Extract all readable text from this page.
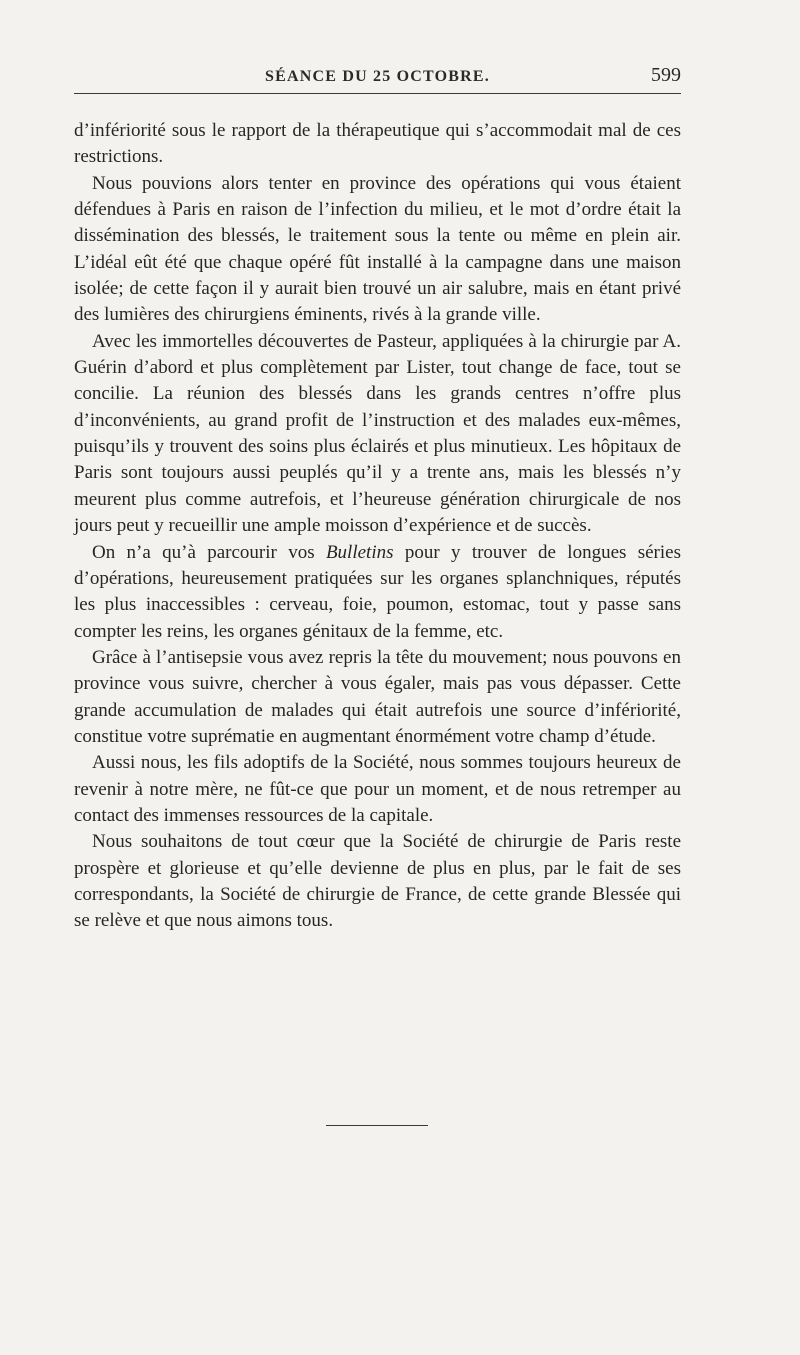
SÉANCE DU 25 OCTOBRE.	599

d’infériorité sous le rapport de la thérapeutique qui s’accommodait mal de ces restrictions.

Nous pouvions alors tenter en province des opérations qui vous étaient défendues à Paris en raison de l’infection du milieu, et le mot d’ordre était la dissémination des blessés, le traitement sous la tente ou même en plein air. L’idéal eût été que chaque opéré fût installé à la campagne dans une maison isolée; de cette façon il y aurait bien trouvé un air salubre, mais en étant privé des lumières des chirurgiens éminents, rivés à la grande ville.

Avec les immortelles découvertes de Pasteur, appliquées à la chirurgie par A. Guérin d’abord et plus complètement par Lister, tout change de face, tout se concilie. La réunion des blessés dans les grands centres n’offre plus d’inconvénients, au grand profit de l’instruction et des malades eux-mêmes, puisqu’ils y trouvent des soins plus éclairés et plus minutieux. Les hôpitaux de Paris sont toujours aussi peuplés qu’il y a trente ans, mais les blessés n’y meurent plus comme autrefois, et l’heureuse génération chirurgicale de nos jours peut y recueillir une ample moisson d’expérience et de succès.

On n’a qu’à parcourir vos Bulletins pour y trouver de longues séries d’opérations, heureusement pratiquées sur les organes splanchniques, réputés les plus inaccessibles : cerveau, foie, poumon, estomac, tout y passe sans compter les reins, les organes génitaux de la femme, etc.

Grâce à l’antisepsie vous avez repris la tête du mouvement; nous pouvons en province vous suivre, chercher à vous égaler, mais pas vous dépasser. Cette grande accumulation de malades qui était autrefois une source d’infériorité, constitue votre suprématie en augmentant énormément votre champ d’étude.

Aussi nous, les fils adoptifs de la Société, nous sommes toujours heureux de revenir à notre mère, ne fût-ce que pour un moment, et de nous retremper au contact des immenses ressources de la capitale.

Nous souhaitons de tout cœur que la Société de chirurgie de Paris reste prospère et glorieuse et qu’elle devienne de plus en plus, par le fait de ses correspondants, la Société de chirurgie de France, de cette grande Blessée qui se relève et que nous aimons tous.
